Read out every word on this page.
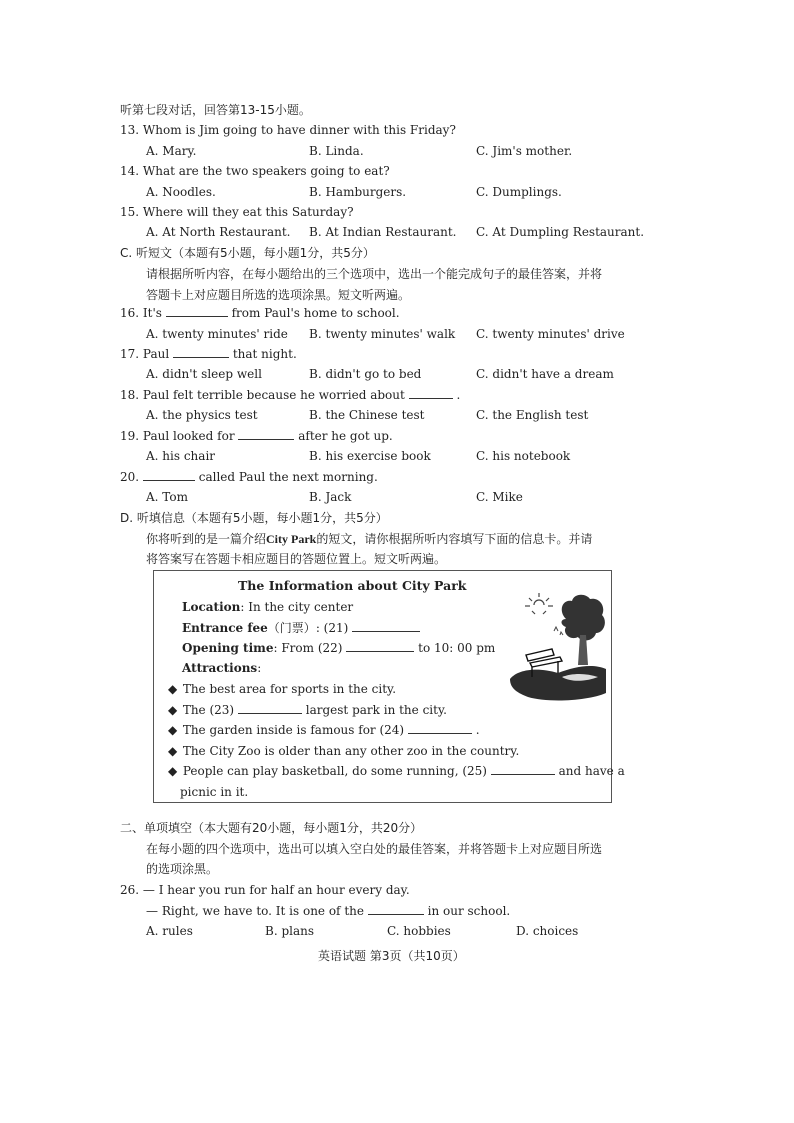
听第七段对话，回答第13-15小题。
13. Whom is Jim going to have dinner with this Friday?
A. Mary.	B. Linda.	C. Jim's mother.
14. What are the two speakers going to eat?
A. Noodles.	B. Hamburgers.	C. Dumplings.
15. Where will they eat this Saturday?
A. At North Restaurant. B. At Indian Restaurant. C. At Dumpling Restaurant.
C. 听短文（本题有5小题，每小题1分，共5分）
请根据所听内容，在每小题给出的三个选项中，选出一个能完成句子的最佳答案，并将
答题卡上对应题目所选的选项涂黑。短文听两遍。
16. It's	from Paul's home to school.
A. twenty minutes' ride B. twenty minutes' walk C. twenty minutes' drive
17. Paul	that night.
A. didn't sleep well	B. didn't go to bed	C. didn't have a dream
18. Paul felt terrible because he worried about	.
A. the physics test	B. the Chinese test	C. the English test
19. Paul looked for	after he got up.
A. his chair	B. his exercise book	C. his notebook
20.	called Paul the next morning.
A. Tom	B. Jack	C. Mike
D. 听填信息（本题有5小题，每小题1分，共5分）
你将听到的是一篇介绍City Park的短文，请你根据所听内容填写下面的信息卡。并请
将答案写在答题卡相应题目的答题位置上。短文听两遍。
The Information about City Park
Location: In the city center
Entrance fee（门票）: (21)
Opening time: From (22)	to 10: 00 pm
Attractions:
◆ The best area for sports in the city.
◆ The (23)	largest park in the city.
◆ The garden inside is famous for (24)	.
◆ The City Zoo is older than any other zoo in the country.
◆ People can play basketball, do some running, (25)	and have a
picnic in it.
二、单项填空（本大题有20小题，每小题1分，共20分）
在每小题的四个选项中，选出可以填入空白处的最佳答案，并将答题卡上对应题目所选
的选项涂黑。
26. — I hear you run for half an hour every day.
— Right, we have to. It is one of the	in our school.
A. rules	B. plans	C. hobbies	D. choices
英语试题 第3页（共10页）
